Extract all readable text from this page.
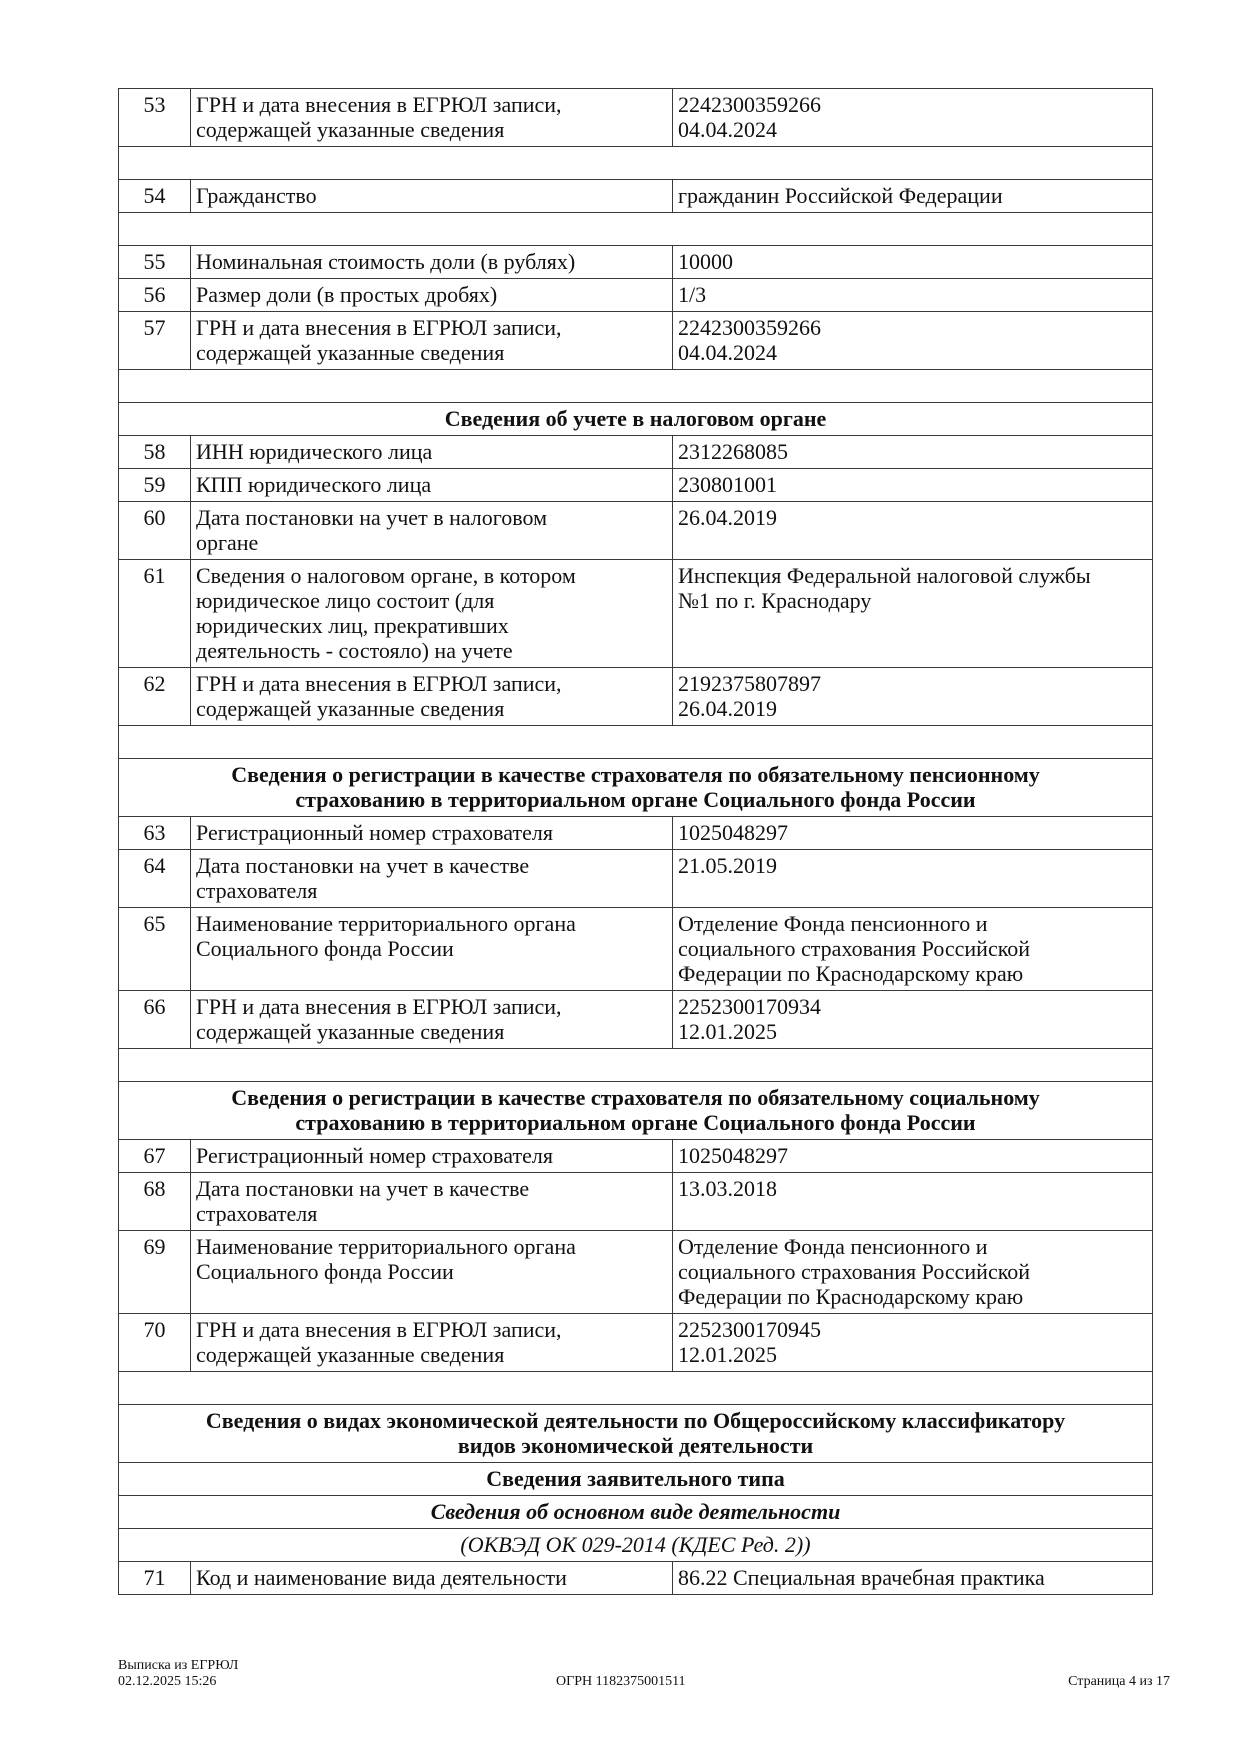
53	ГРН и дата внесения в ЕГРЮЛ записи,
содержащей указанные сведения	2242300359266
04.04.2024

54	Гражданство	гражданин Российской Федерации

55	Номинальная стоимость доли (в рублях)	10000
56	Размер доли (в простых дробях)	1/3
57	ГРН и дата внесения в ЕГРЮЛ записи,
содержащей указанные сведения	2242300359266
04.04.2024

Сведения об учете в налоговом органе		
58	ИНН юридического лица	2312268085
59	КПП юридического лица	230801001
60	Дата постановки на учет в налоговом
органе	26.04.2019
61	Сведения о налоговом органе, в котором
юридическое лицо состоит (для
юридических лиц, прекративших
деятельность - состояло) на учете	Инспекция Федеральной налоговой службы
№1 по г. Краснодару
62	ГРН и дата внесения в ЕГРЮЛ записи,
содержащей указанные сведения	2192375807897
26.04.2019

Сведения о регистрации в качестве страхователя по обязательному пенсионному
страхованию в территориальном органе Социального фонда России		
63	Регистрационный номер страхователя	1025048297
64	Дата постановки на учет в качестве
страхователя	21.05.2019
65	Наименование территориального органа
Социального фонда России	Отделение Фонда пенсионного и
социального страхования Российской
Федерации по Краснодарскому краю
66	ГРН и дата внесения в ЕГРЮЛ записи,
содержащей указанные сведения	2252300170934
12.01.2025

Сведения о регистрации в качестве страхователя по обязательному социальному
страхованию в территориальном органе Социального фонда России		
67	Регистрационный номер страхователя	1025048297
68	Дата постановки на учет в качестве
страхователя	13.03.2018
69	Наименование территориального органа
Социального фонда России	Отделение Фонда пенсионного и
социального страхования Российской
Федерации по Краснодарскому краю
70	ГРН и дата внесения в ЕГРЮЛ записи,
содержащей указанные сведения	2252300170945
12.01.2025

Сведения о видах экономической деятельности по Общероссийскому классификатору
видов экономической деятельности		
Сведения заявительного типа		
Сведения об основном виде деятельности		
(ОКВЭД ОК 029-2014 (КДЕС Ред. 2))		
71	Код и наименование вида деятельности	86.22 Специальная врачебная практика
Выписка из ЕГРЮЛ
02.12.2025 15:26	ОГРН 1182375001511	Страница 4 из 17
